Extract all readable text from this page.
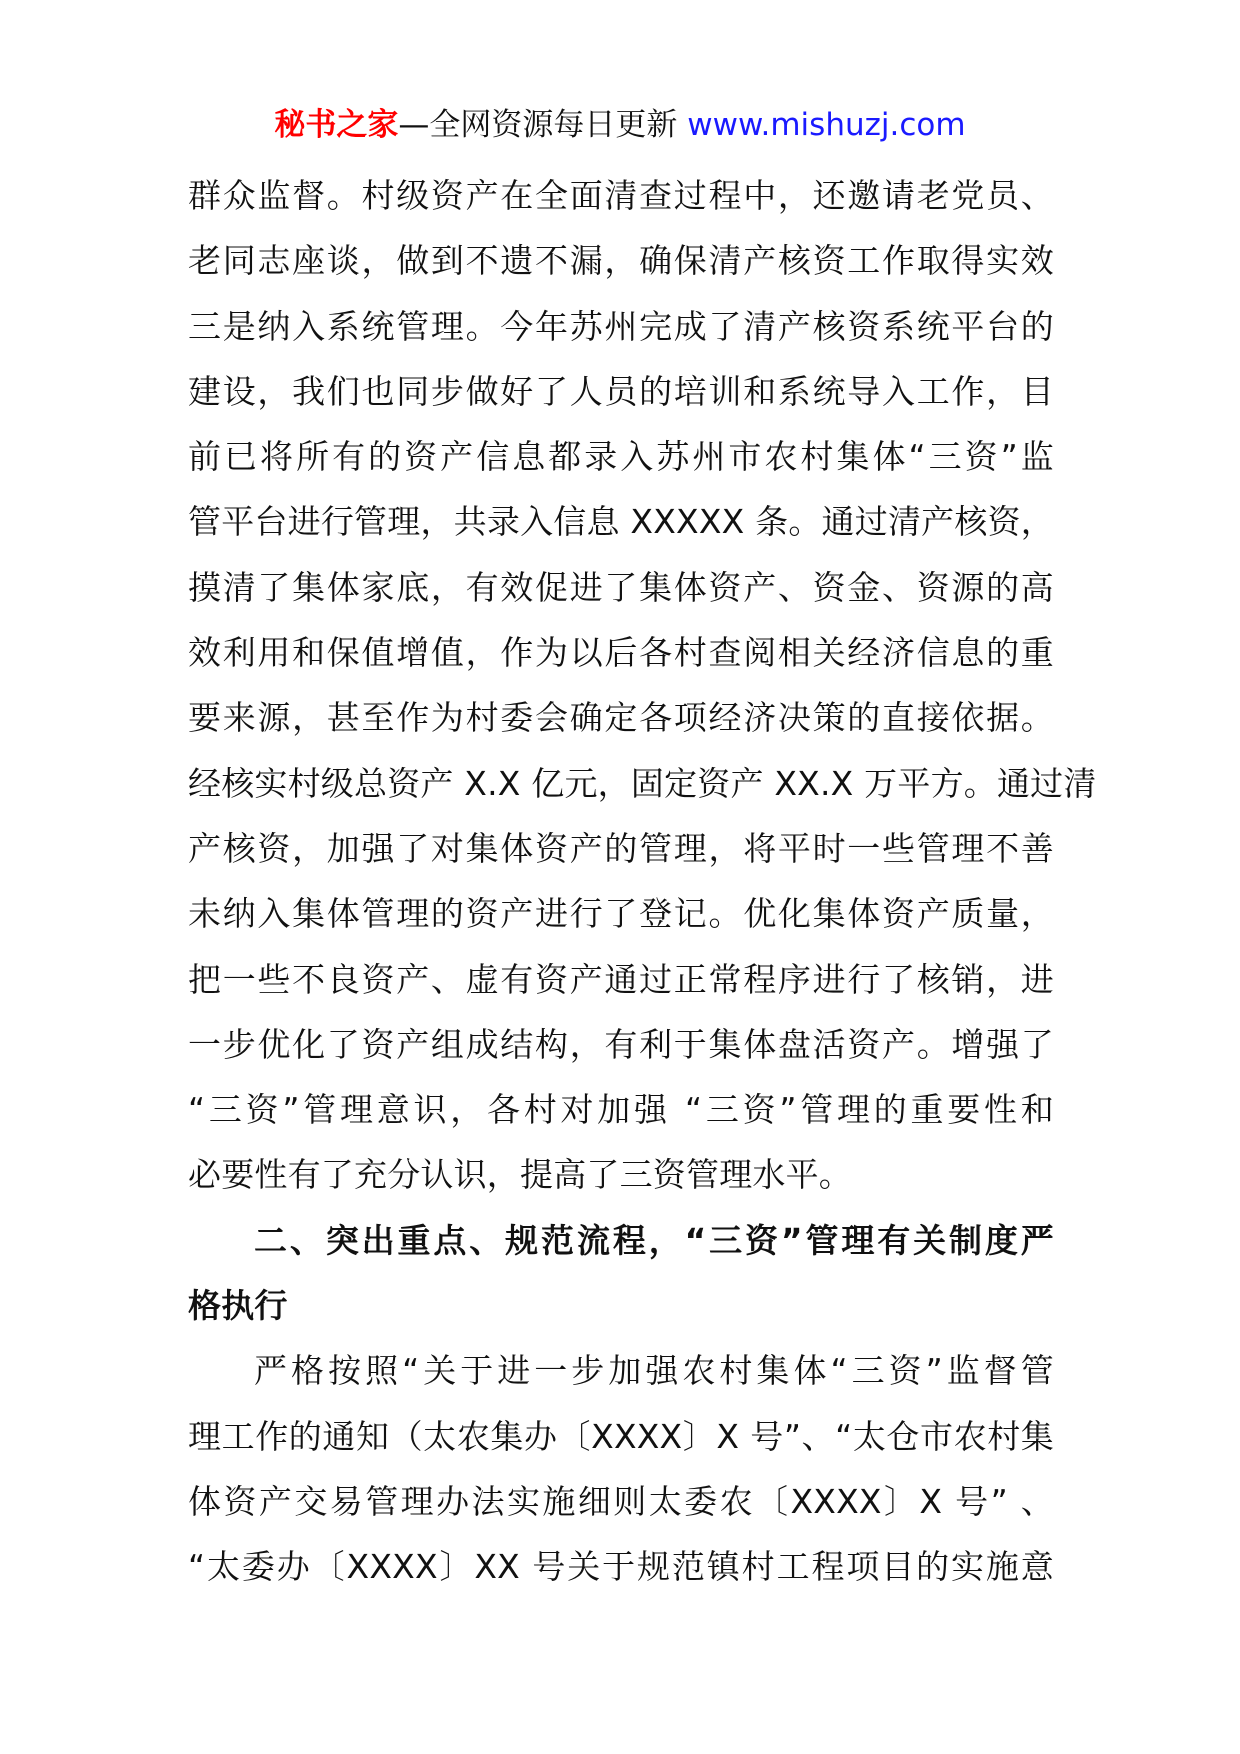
秘书之家—全网资源每日更新 www.mishuzj.com
群众监督。村级资产在全面清查过程中，还邀请老党员、
老同志座谈，做到不遗不漏，确保清产核资工作取得实效
三是纳入系统管理。今年苏州完成了清产核资系统平台的
建设，我们也同步做好了人员的培训和系统导入工作，目
前已将所有的资产信息都录入苏州市农村集体“三资”监
管平台进行管理，共录入信息 XXXXX 条。通过清产核资，
摸清了集体家底，有效促进了集体资产、资金、资源的高
效利用和保值增值，作为以后各村查阅相关经济信息的重
要来源，甚至作为村委会确定各项经济决策的直接依据。
经核实村级总资产 X.X 亿元，固定资产 XX.X 万平方。通过清
产核资，加强了对集体资产的管理，将平时一些管理不善
未纳入集体管理的资产进行了登记。优化集体资产质量，
把一些不良资产、虚有资产通过正常程序进行了核销，进
一步优化了资产组成结构，有利于集体盘活资产。增强了
“三资”管理意识，各村对加强 “三资”管理的重要性和
必要性有了充分认识，提高了三资管理水平。
二、突出重点、规范流程，“三资”管理有关制度严
格执行
严格按照“关于进一步加强农村集体“三资”监督管
理工作的通知（太农集办〔XXXX〕X 号”、“太仓市农村集
体资产交易管理办法实施细则太委农〔XXXX〕X 号” 、
“太委办〔XXXX〕XX 号关于规范镇村工程项目的实施意
